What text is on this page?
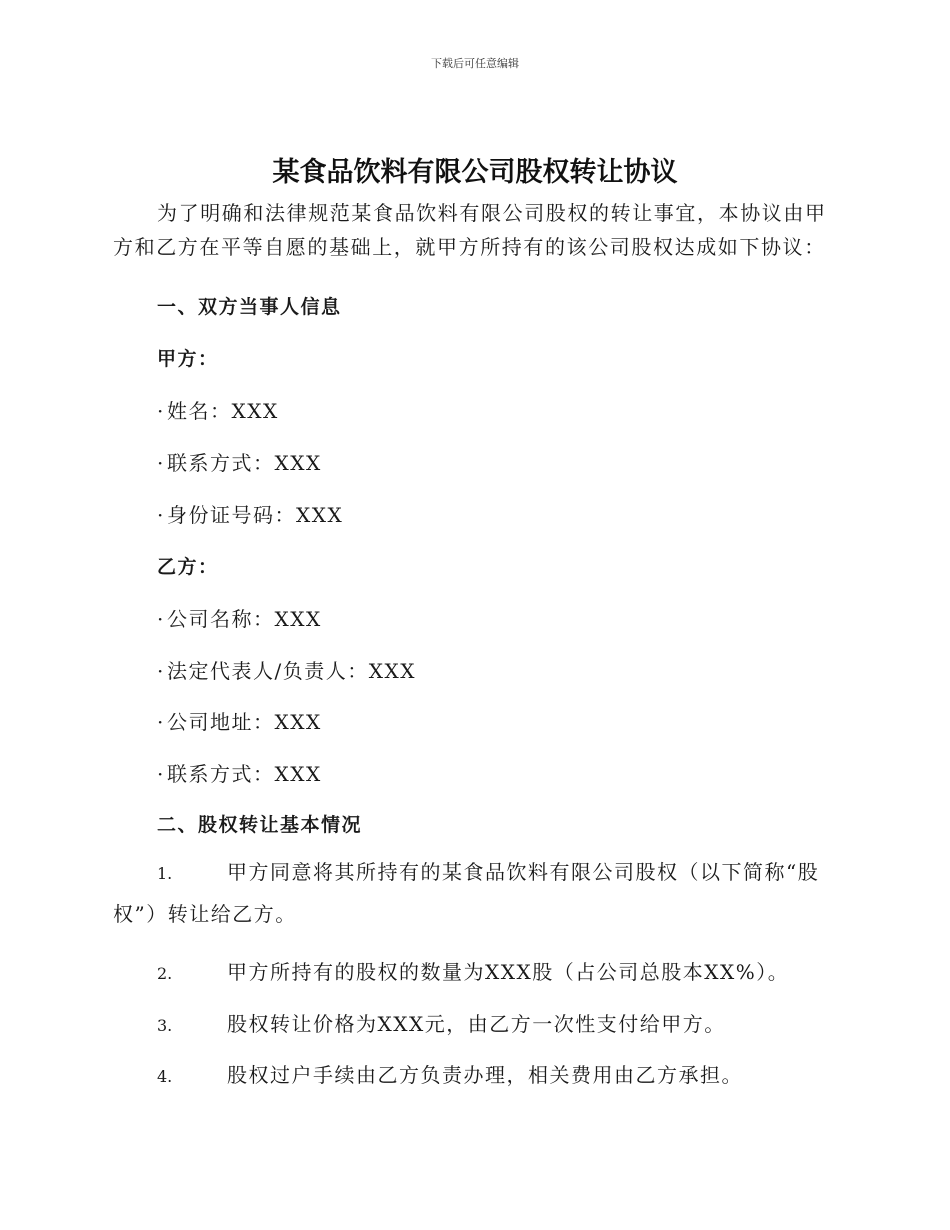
下载后可任意编辑
某食品饮料有限公司股权转让协议
为了明确和法律规范某食品饮料有限公司股权的转让事宜，本协议由甲方和乙方在平等自愿的基础上，就甲方所持有的该公司股权达成如下协议：
一、双方当事人信息
甲方：
· 姓名：XXX
· 联系方式：XXX
· 身份证号码：XXX
乙方：
· 公司名称：XXX
· 法定代表人/负责人：XXX
· 公司地址：XXX
· 联系方式：XXX
二、股权转让基本情况
1.	甲方同意将其所持有的某食品饮料有限公司股权（以下简称“股权”）转让给乙方。
2.	甲方所持有的股权的数量为XXX股（占公司总股本XX%）。
3.	股权转让价格为XXX元，由乙方一次性支付给甲方。
4.	股权过户手续由乙方负责办理，相关费用由乙方承担。
